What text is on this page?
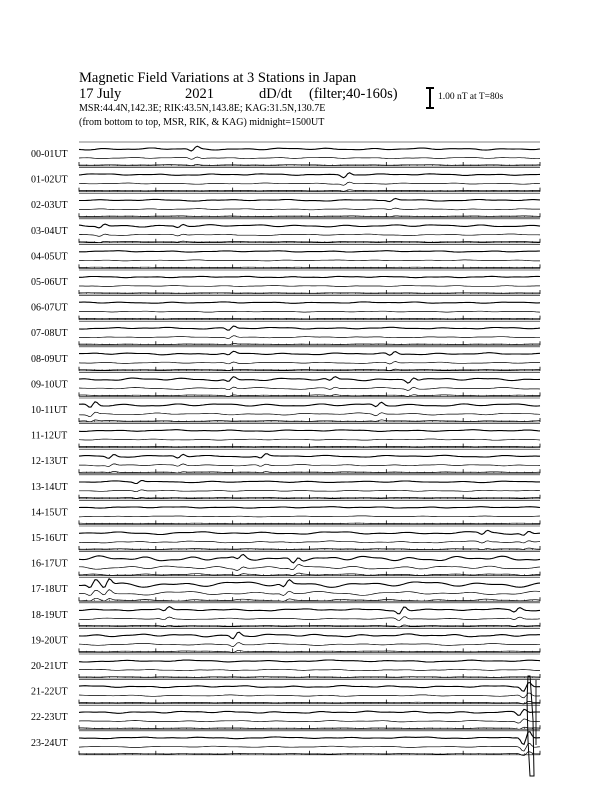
Magnetic Field Variations at 3 Stations in Japan
17 July	2021	dD/dt (filter;40-160s)
MSR:44.4N,142.3E; RIK:43.5N,143.8E; KAG:31.5N,130.7E
(from bottom to top, MSR, RIK, & KAG) midnight=1500UT
1.00 nT at T=80s
00-01UT
01-02UT
02-03UT
03-04UT
04-05UT
05-06UT
06-07UT
07-08UT
08-09UT
09-10UT
10-11UT
11-12UT
12-13UT
13-14UT
14-15UT
15-16UT
16-17UT
17-18UT
18-19UT
19-20UT
20-21UT
21-22UT
22-23UT
23-24UT
